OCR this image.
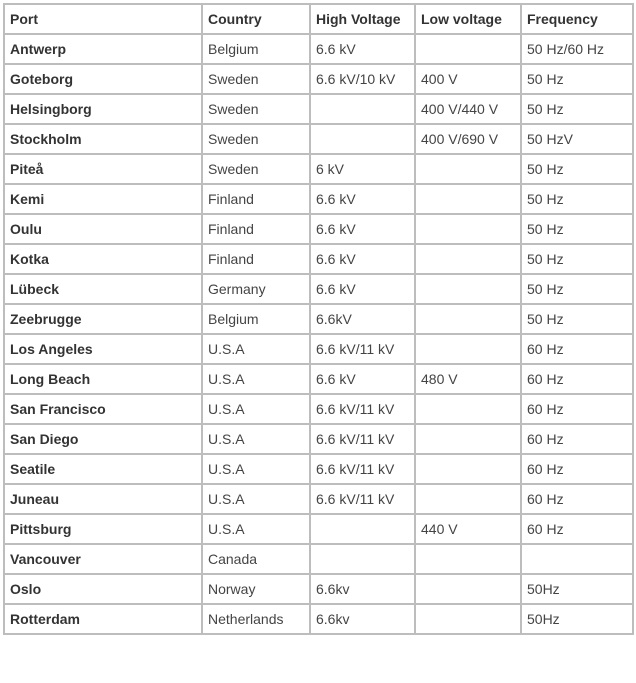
Port	Country	High Voltage	Low voltage	Frequency
Antwerp	Belgium	6.6 kV		50 Hz/60 Hz
Goteborg	Sweden	6.6 kV/10 kV	400 V	50 Hz
Helsingborg	Sweden		400 V/440 V	50 Hz
Stockholm	Sweden		400 V/690 V	50 HzV
Piteå	Sweden	6 kV		50 Hz
Kemi	Finland	6.6 kV		50 Hz
Oulu	Finland	6.6 kV		50 Hz
Kotka	Finland	6.6 kV		50 Hz
Lübeck	Germany	6.6 kV		50 Hz
Zeebrugge	Belgium	6.6kV		50 Hz
Los Angeles	U.S.A	6.6 kV/11 kV		60 Hz
Long Beach	U.S.A	6.6 kV	480 V	60 Hz
San Francisco	U.S.A	6.6 kV/11 kV		60 Hz
San Diego	U.S.A	6.6 kV/11 kV		60 Hz
Seatile	U.S.A	6.6 kV/11 kV		60 Hz
Juneau	U.S.A	6.6 kV/11 kV		60 Hz
Pittsburg	U.S.A		440 V	60 Hz
Vancouver	Canada			
Oslo	Norway	6.6kv		50Hz
Rotterdam	Netherlands	6.6kv		50Hz
